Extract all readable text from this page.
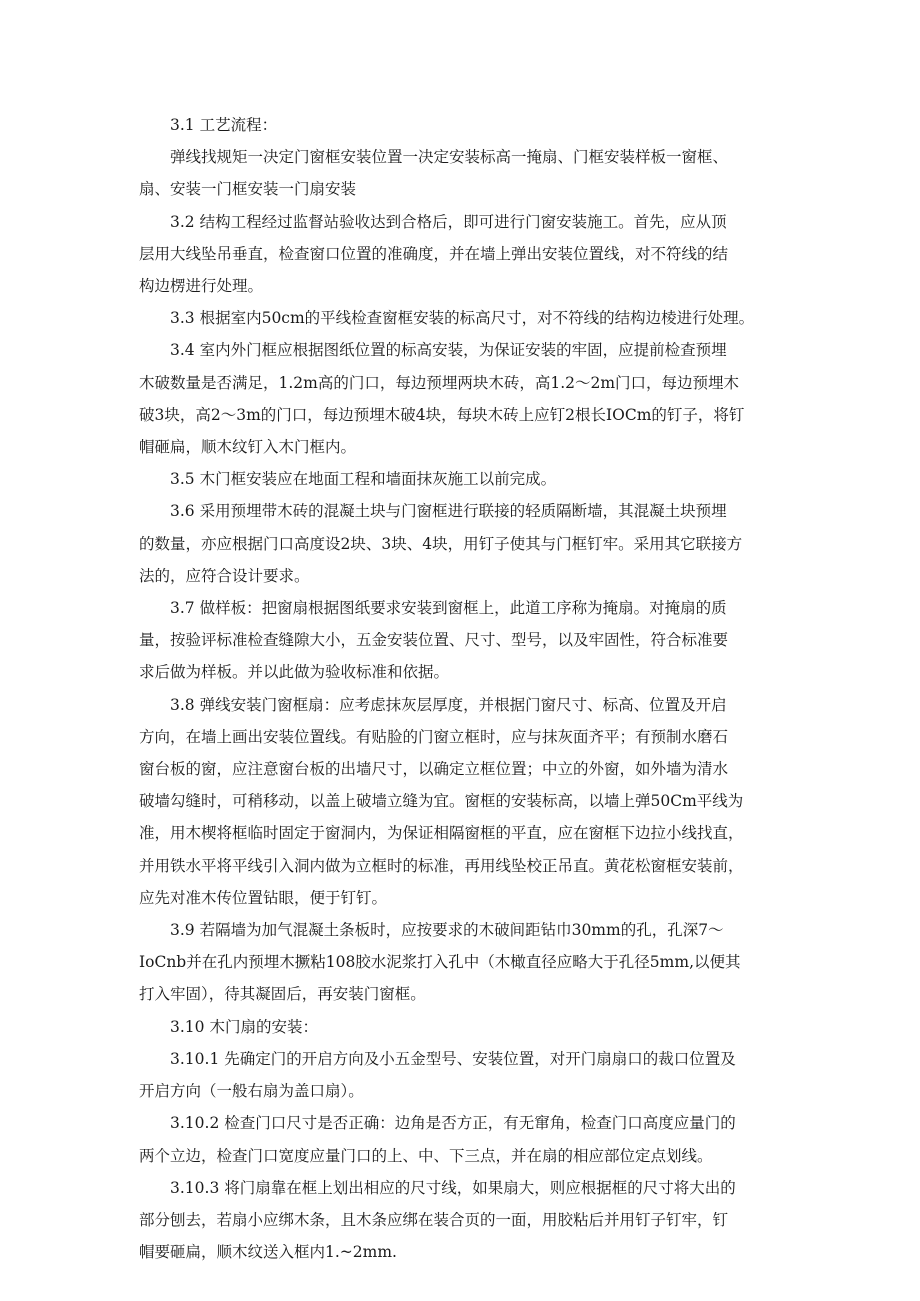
3.1 工艺流程：
弹线找规矩一决定门窗框安装位置一决定安装标高一掩扇、门框安装样板一窗框、
扇、安装一门框安装一门扇安装
3.2 结构工程经过监督站验收达到合格后，即可进行门窗安装施工。首先，应从顶
层用大线坠吊垂直，检查窗口位置的准确度，并在墙上弹出安装位置线，对不符线的结
构边楞进行处理。
3.3 根据室内50cm的平线检查窗框安装的标高尺寸，对不符线的结构边棱进行处理。
3.4 室内外门框应根据图纸位置的标高安装，为保证安装的牢固，应提前检查预埋
木破数量是否满足，1.2m高的门口，每边预埋两块木砖，高1.2～2m门口，每边预埋木
破3块，高2～3m的门口，每边预埋木破4块，每块木砖上应钉2根长IOCm的钉子，将钉
帽砸扁，顺木纹钉入木门框内。
3.5 木门框安装应在地面工程和墙面抹灰施工以前完成。
3.6 采用预埋带木砖的混凝土块与门窗框进行联接的轻质隔断墙，其混凝土块预埋
的数量，亦应根据门口高度设2块、3块、4块，用钉子使其与门框钉牢。采用其它联接方
法的，应符合设计要求。
3.7 做样板：把窗扇根据图纸要求安装到窗框上，此道工序称为掩扇。对掩扇的质
量，按验评标准检查缝隙大小，五金安装位置、尺寸、型号，以及牢固性，符合标准要
求后做为样板。并以此做为验收标准和依据。
3.8 弹线安装门窗框扇：应考虑抹灰层厚度，并根据门窗尺寸、标高、位置及开启
方向，在墙上画出安装位置线。有贴脸的门窗立框时，应与抹灰面齐平；有预制水磨石
窗台板的窗，应注意窗台板的出墙尺寸，以确定立框位置；中立的外窗，如外墙为清水
破墙勾缝时，可稍移动，以盖上破墙立缝为宜。窗框的安装标高，以墙上弹50Cm平线为
准，用木楔将框临时固定于窗洞内，为保证相隔窗框的平直，应在窗框下边拉小线找直，
并用铁水平将平线引入洞内做为立框时的标准，再用线坠校正吊直。黄花松窗框安装前，
应先对准木传位置钻眼，便于钉钉。
3.9 若隔墙为加气混凝土条板时，应按要求的木破间距钻巾30mm的孔，孔深7～
IoCnb并在孔内预埋木撅粘108胶水泥浆打入孔中（木橄直径应略大于孔径5mm,以便其
打入牢固），待其凝固后，再安装门窗框。
3.10 木门扇的安装：
3.10.1 先确定门的开启方向及小五金型号、安装位置，对开门扇扇口的裁口位置及
开启方向（一般右扇为盖口扇）。
3.10.2 检查门口尺寸是否正确：边角是否方正，有无窜角，检查门口高度应量门的
两个立边，检查门口宽度应量门口的上、中、下三点，并在扇的相应部位定点划线。
3.10.3 将门扇靠在框上划出相应的尺寸线，如果扇大，则应根据框的尺寸将大出的
部分刨去，若扇小应绑木条，且木条应绑在装合页的一面，用胶粘后并用钉子钉牢，钉
帽要砸扁，顺木纹送入框内1.~2mm.
